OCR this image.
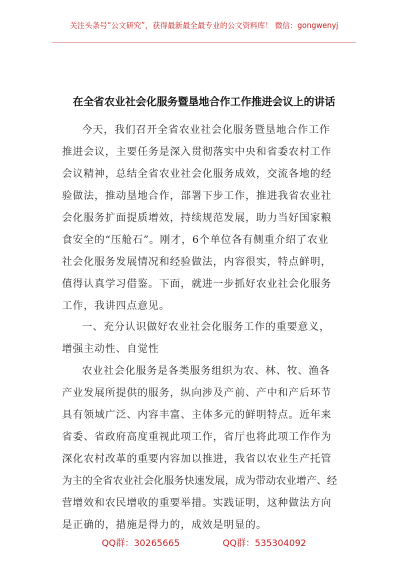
关注头条号“公文研究”，获得最新最全最专业的公文资料库！ 微信：gongwenyj
在全省农业社会化服务暨垦地合作工作推进会议上的讲话
今天，我们召开全省农业社会化服务暨垦地合作工作
推进会议，主要任务是深入贯彻落实中央和省委农村工作
会议精神，总结全省农业社会化服务成效，交流各地的经
验做法，推动垦地合作，部署下步工作，推进我省农业社
会化服务扩面提质增效，持续规范发展，助力当好国家粮
食安全的“压舱石”。刚才，6个单位各有侧重介绍了农业
社会化服务发展情况和经验做法，内容很实，特点鲜明，
值得认真学习借鉴。下面，就进一步抓好农业社会化服务
工作，我讲四点意见。
一、充分认识做好农业社会化服务工作的重要意义，
增强主动性、自觉性
农业社会化服务是各类服务组织为农、林、牧、渔各
产业发展所提供的服务，纵向涉及产前、产中和产后环节
具有领域广泛、内容丰富、主体多元的鲜明特点。近年来
省委、省政府高度重视此项工作，省厅也将此项工作作为
深化农村改革的重要内容加以推进，我省以农业生产托管
为主的全省农业社会化服务快速发展，成为带动农业增产、经
营增效和农民增收的重要举措。实践证明，这种做法方向
是正确的，措施是得力的，成效是明显的。
QQ群：30265665	QQ群：535304092
